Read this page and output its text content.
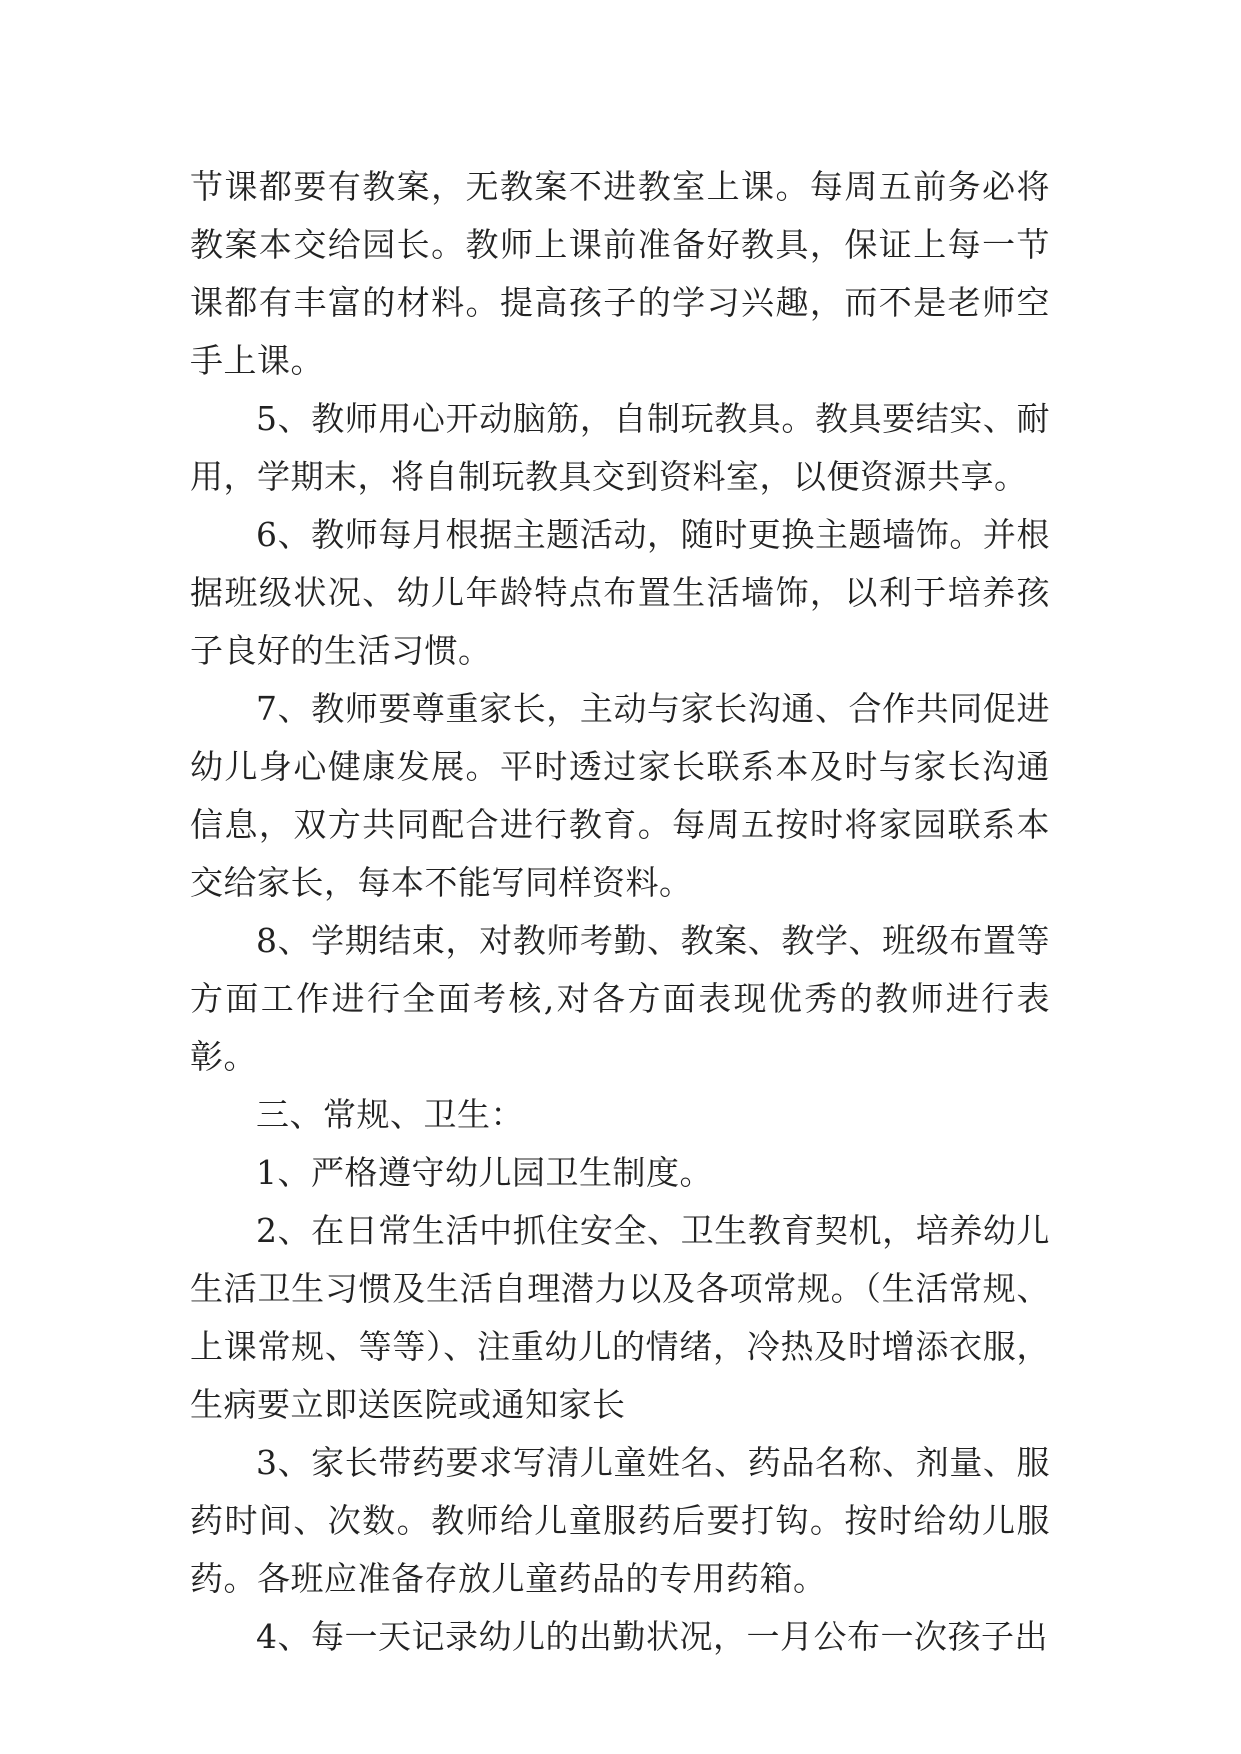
节课都要有教案，无教案不进教室上课。每周五前务必将教案本交给园长。教师上课前准备好教具，保证上每一节课都有丰富的材料。提高孩子的学习兴趣，而不是老师空手上课。

5、教师用心开动脑筋，自制玩教具。教具要结实、耐用，学期末，将自制玩教具交到资料室，以便资源共享。

6、教师每月根据主题活动，随时更换主题墙饰。并根据班级状况、幼儿年龄特点布置生活墙饰，以利于培养孩子良好的生活习惯。

7、教师要尊重家长，主动与家长沟通、合作共同促进幼儿身心健康发展。平时透过家长联系本及时与家长沟通信息，双方共同配合进行教育。每周五按时将家园联系本交给家长，每本不能写同样资料。

8、学期结束，对教师考勤、教案、教学、班级布置等方面工作进行全面考核,对各方面表现优秀的教师进行表彰。

三、常规、卫生：

1、严格遵守幼儿园卫生制度。

2、在日常生活中抓住安全、卫生教育契机，培养幼儿生活卫生习惯及生活自理潜力以及各项常规。（生活常规、上课常规、等等）、注重幼儿的情绪，冷热及时增添衣服，生病要立即送医院或通知家长

3、家长带药要求写清儿童姓名、药品名称、剂量、服药时间、次数。教师给儿童服药后要打钩。按时给幼儿服药。各班应准备存放儿童药品的专用药箱。

4、每一天记录幼儿的出勤状况，一月公布一次孩子出
